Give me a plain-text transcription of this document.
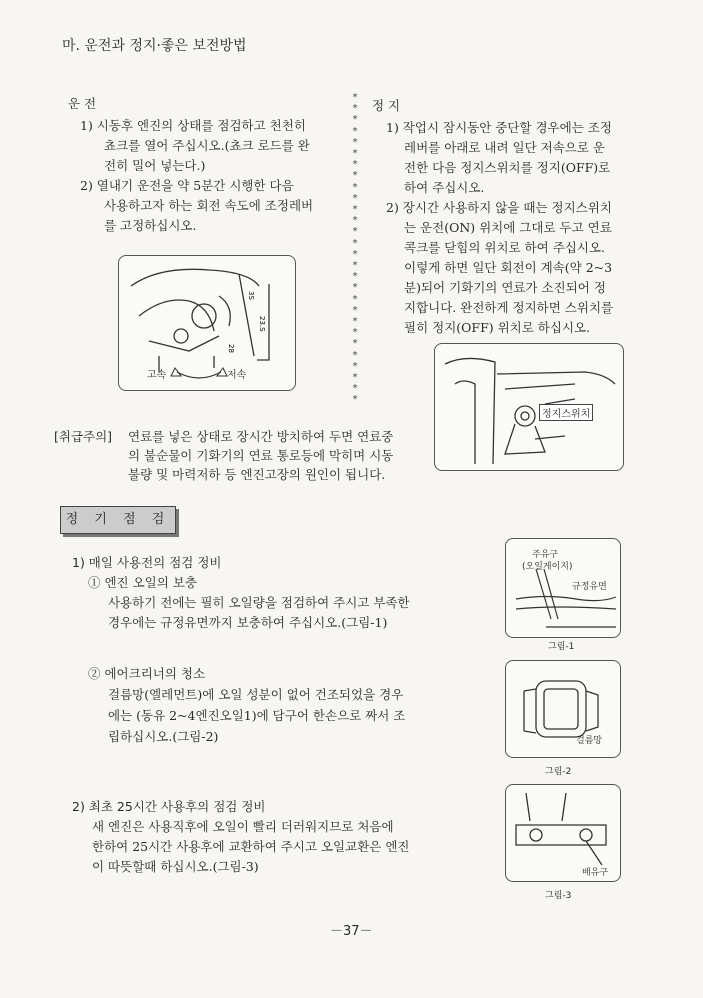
마. 운전과 정지·좋은 보전방법
운 전
1) 시동후 엔진의 상태를 점검하고 천천히
쵸크를 열어 주십시오.(쵸크 로드를 완
전히 밀어 넣는다.)
2) 열내기 운전을 약 5분간 시행한 다음
사용하고자 하는 회전 속도에 조정레버
를 고정하십시오.
23.S
3S
28
고속	저속
*
*
*
*
*
*
*
*
*
*
*
*
*
*
*
*
*
*
*
*
*
*
*
*
*
*
*
*
정 지
1) 작업시 잠시동안 중단할 경우에는 조정
레버를 아래로 내려 일단 저속으로 운
전한 다음 정지스위치를 정지(OFF)로
하여 주십시오.
2) 장시간 사용하지 않을 때는 정지스위치
는 운전(ON) 위치에 그대로 두고 연료
콕크를 닫힘의 위치로 하여 주십시오.
이렇게 하면 일단 회전이 계속(약 2~3
분)되어 기화기의 연료가 소진되어 정
지합니다. 완전하게 정지하면 스위치를
필히 정지(OFF) 위치로 하십시오.
정지스위치
[취급주의] 연료를 넣은 상태로 장시간 방치하여 두면 연료중
의 불순물이 기화기의 연료 통로등에 막히며 시동
불량 및 마력저하 등 엔진고장의 원인이 됩니다.
정 기 점 검
1) 매일 사용전의 점검 정비
① 엔진 오일의 보충
사용하기 전에는 필히 오일량을 점검하여 주시고 부족한
경우에는 규정유면까지 보충하여 주십시오.(그림-1)
② 에어크리너의 청소
걸름망(엘레먼트)에 오일 성분이 없어 건조되었을 경우
에는 (동유 2~4엔진오일1)에 담구어 한손으로 짜서 조
립하십시오.(그림-2)
2) 최초 25시간 사용후의 점검 정비
새 엔진은 사용직후에 오일이 빨리 더러워지므로 처음에
한하여 25시간 사용후에 교환하여 주시고 오일교환은 엔진
이 따뜻할때 하십시오.(그림-3)
주유구
(오일게이지)
규정유면
그림-1
걸름망
그림-2
배유구
그림-3
－37－
